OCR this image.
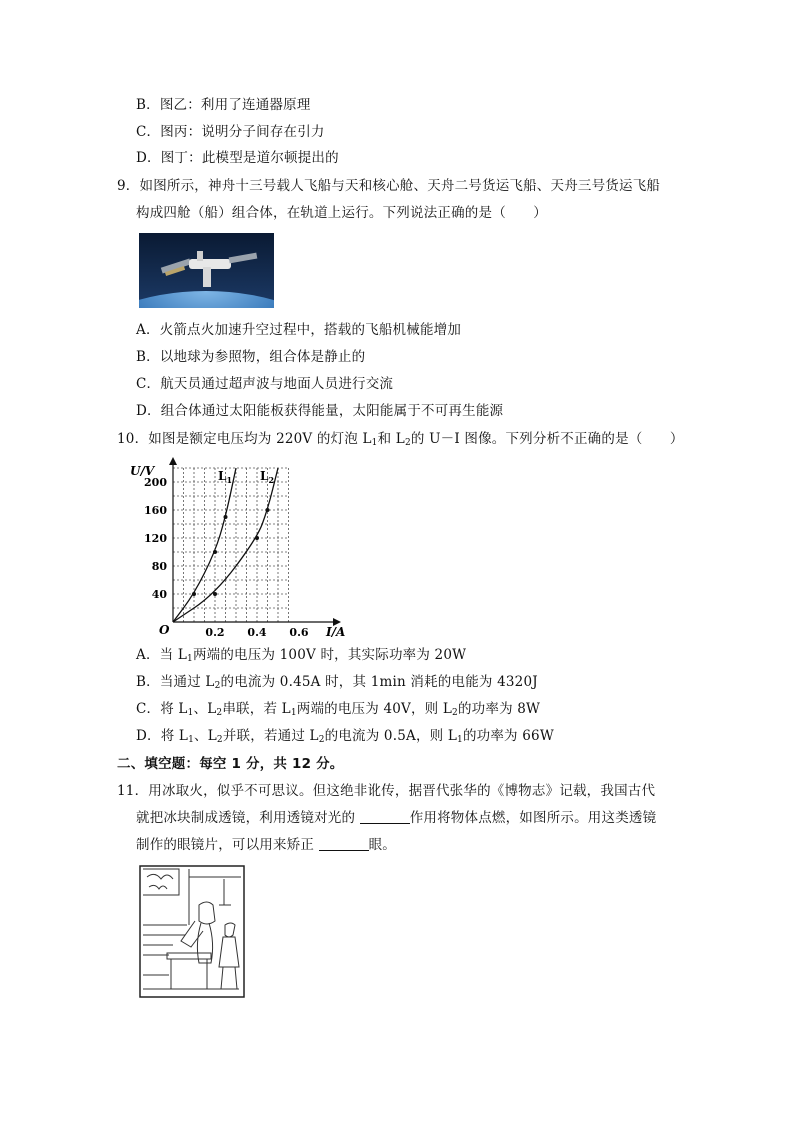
B．图乙：利用了连通器原理
C．图丙：说明分子间存在引力
D．图丁：此模型是道尔顿提出的
9．如图所示，神舟十三号载人飞船与天和核心舱、天舟二号货运飞船、天舟三号货运飞船
构成四舱（船）组合体，在轨道上运行。下列说法正确的是（　　）
A．火箭点火加速升空过程中，搭载的飞船机械能增加
B．以地球为参照物，组合体是静止的
C．航天员通过超声波与地面人员进行交流
D．组合体通过太阳能板获得能量，太阳能属于不可再生能源
10．如图是额定电压均为 220V 的灯泡 $L_1$和 $L_2$的 U－I 图像。下列分析不正确的是（　　）
0.2 0.4 0.6
40
80
120
160
200
O	I/A
U/V	$L_1$ $L_2$
A．当 $L_1$两端的电压为 100V 时，其实际功率为 20W
B．当通过 $L_2$的电流为 0.45A 时，其 1min 消耗的电能为 4320J
C．将 $L_1$、$L_2$串联，若 $L_1$两端的电压为 40V，则 $L_2$的功率为 8W
D．将 $L_1$、$L_2$并联，若通过 $L_2$的电流为 0.5A，则 $L_1$的功率为 66W
二、填空题：每空 1 分，共 12 分。
11．用冰取火，似乎不可思议。但这绝非讹传，据晋代张华的《博物志》记载，我国古代
就把冰块制成透镜，利用透镜对光的	作用将物体点燃，如图所示。用这类透镜
制作的眼镜片，可以用来矫正	眼。
